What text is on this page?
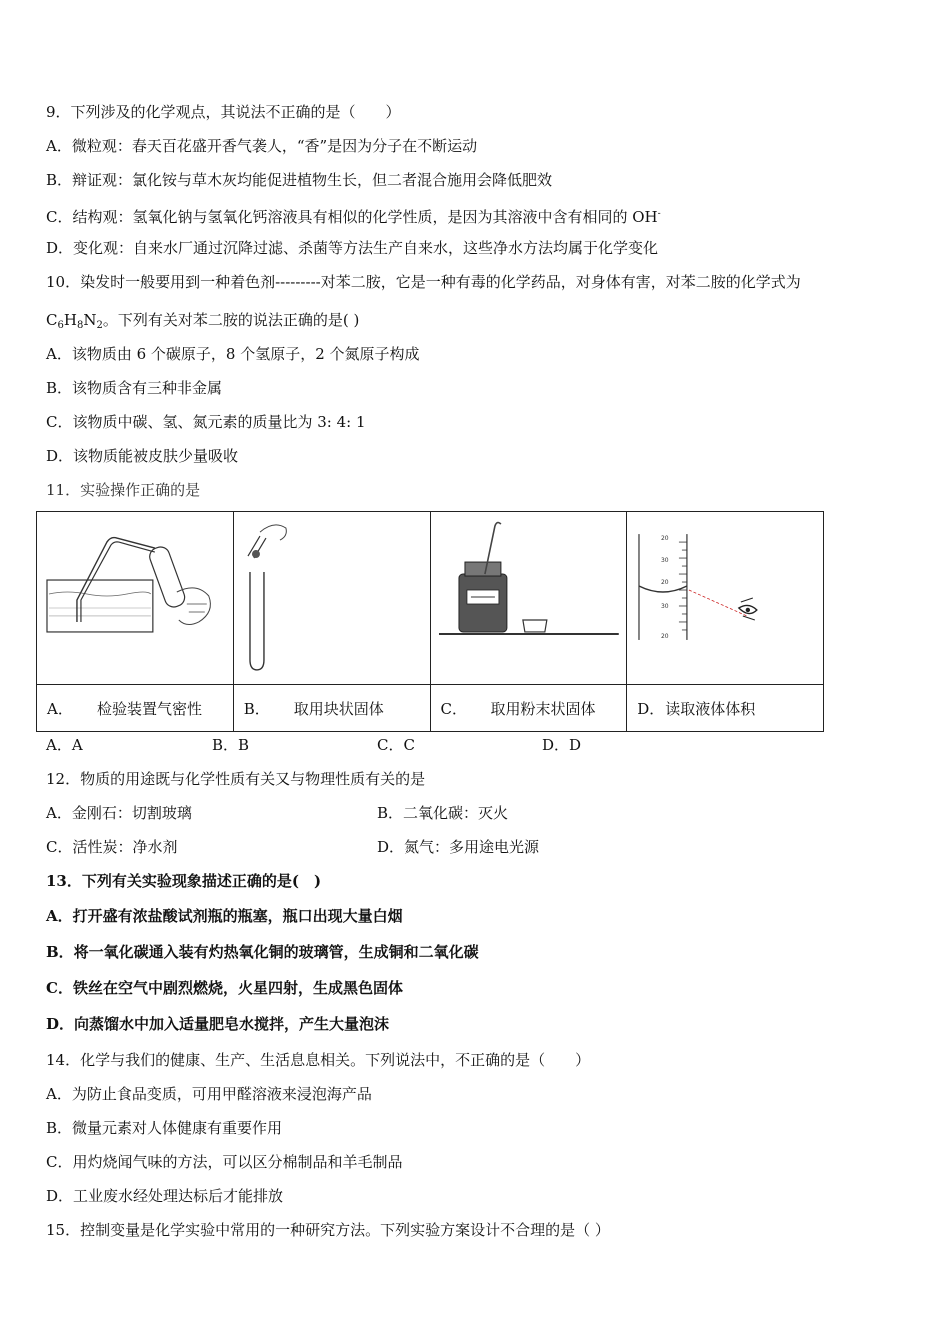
9．下列涉及的化学观点，其说法不正确的是（　　）
A．微粒观：春天百花盛开香气袭人，“香”是因为分子在不断运动
B．辩证观：氯化铵与草木灰均能促进植物生长，但二者混合施用会降低肥效
C．结构观：氢氧化钠与氢氧化钙溶液具有相似的化学性质，是因为其溶液中含有相同的 OH-
D．变化观：自来水厂通过沉降过滤、杀菌等方法生产自来水，这些净水方法均属于化学变化
10．染发时一般要用到一种着色剂---------对苯二胺，它是一种有毒的化学药品，对身体有害，对苯二胺的化学式为
$C_6H_8N_2$。下列有关对苯二胺的说法正确的是( )
A．该物质由 6 个碳原子，8 个氢原子，2 个氮原子构成
B．该物质含有三种非金属
C．该物质中碳、氢、氮元素的质量比为 3: 4: 1
D．该物质能被皮肤少量吸收
11．实验操作正确的是

20
30
20
30
20

A． 检验装置气密性	B． 取用块状固体	C． 取用粉末状固体	D．读取液体体积
A．A	B．B	C．C	D．D
12．物质的用途既与化学性质有关又与物理性质有关的是
A．金刚石：切割玻璃	B．二氧化碳：灭火
C．活性炭：净水剂	D．氮气：多用途电光源
13．下列有关实验现象描述正确的是(　)
A．打开盛有浓盐酸试剂瓶的瓶塞，瓶口出现大量白烟
B．将一氧化碳通入装有灼热氧化铜的玻璃管，生成铜和二氧化碳
C．铁丝在空气中剧烈燃烧，火星四射，生成黑色固体
D．向蒸馏水中加入适量肥皂水搅拌，产生大量泡沫
14．化学与我们的健康、生产、生活息息相关。下列说法中，不正确的是（　　）
A．为防止食品变质，可用甲醛溶液来浸泡海产品
B．微量元素对人体健康有重要作用
C．用灼烧闻气味的方法，可以区分棉制品和羊毛制品
D．工业废水经处理达标后才能排放
15．控制变量是化学实验中常用的一种研究方法。下列实验方案设计不合理的是（ ）
